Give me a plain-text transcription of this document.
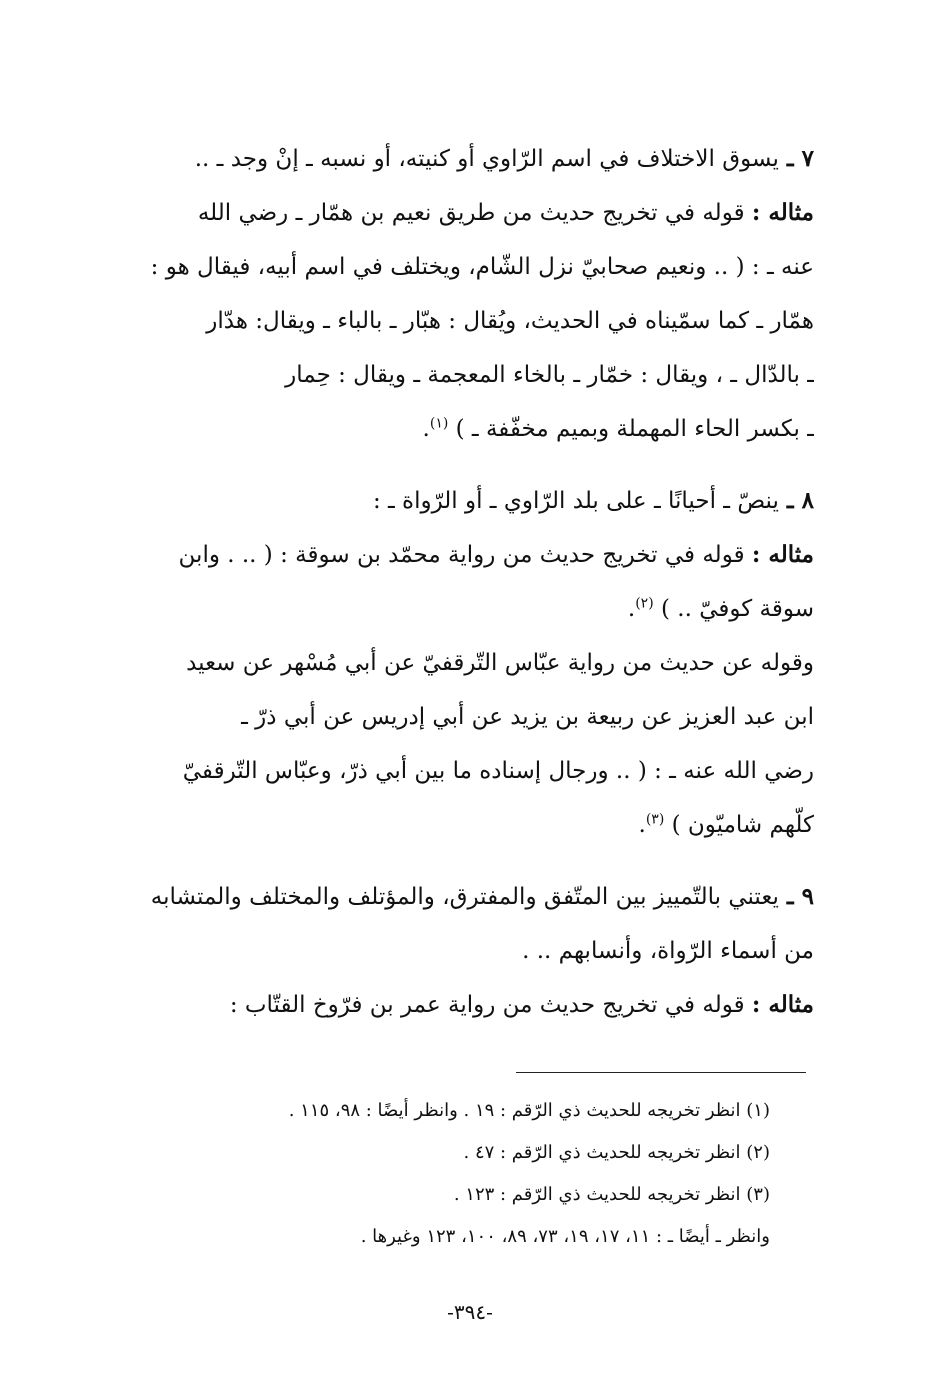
٧ ـ يسوق الاختلاف في اسم الرّاوي أو كنيته، أو نسبه ـ إنْ وجد ـ ..
مثاله : قوله في تخريج حديث من طريق نعيم بن همّار ـ رضي الله
عنه ـ : ( .. ونعيم صحابيّ نزل الشّام، ويختلف في اسم أبيه، فيقال هو :
همّار ـ كما سمّيناه في الحديث، ويُقال : هبّار ـ بالباء ـ ويقال: هدّار
ـ بالدّال ـ ، ويقال : خمّار ـ بالخاء المعجمة ـ ويقال : حِمار
ـ بكسر الحاء المهملة وبميم مخفّفة ـ ) $^{(١)}$.
٨ ـ ينصّ ـ أحيانًا ـ على بلد الرّاوي ـ أو الرّواة ـ :
مثاله : قوله في تخريج حديث من رواية محمّد بن سوقة : ( .. . وابن
سوقة كوفيّ .. ) $^{(٢)}$.
وقوله عن حديث من رواية عبّاس التّرقفيّ عن أبي مُسْهر عن سعيد
ابن عبد العزيز عن ربيعة بن يزيد عن أبي إدريس عن أبي ذرّ ـ
رضي الله عنه ـ : ( .. ورجال إسناده ما بين أبي ذرّ، وعبّاس التّرقفيّ
كلّهم شاميّون ) $^{(٣)}$.
٩ ـ يعتني بالتّمييز بين المتّفق والمفترق، والمؤتلف والمختلف والمتشابه
من أسماء الرّواة، وأنسابهم .. .
مثاله : قوله في تخريج حديث من رواية عمر بن فرّوخ القتّاب :
(١) انظر تخريجه للحديث ذي الرّقم : ١٩ . وانظر أيضًا : ٩٨، ١١٥ .
(٢) انظر تخريجه للحديث ذي الرّقم : ٤٧ .
(٣) انظر تخريجه للحديث ذي الرّقم : ١٢٣ .
وانظر ـ أيضًا ـ : ١١، ١٧، ١٩، ٧٣، ٨٩، ١٠٠، ١٢٣ وغيرها .
-٣٩٤-
